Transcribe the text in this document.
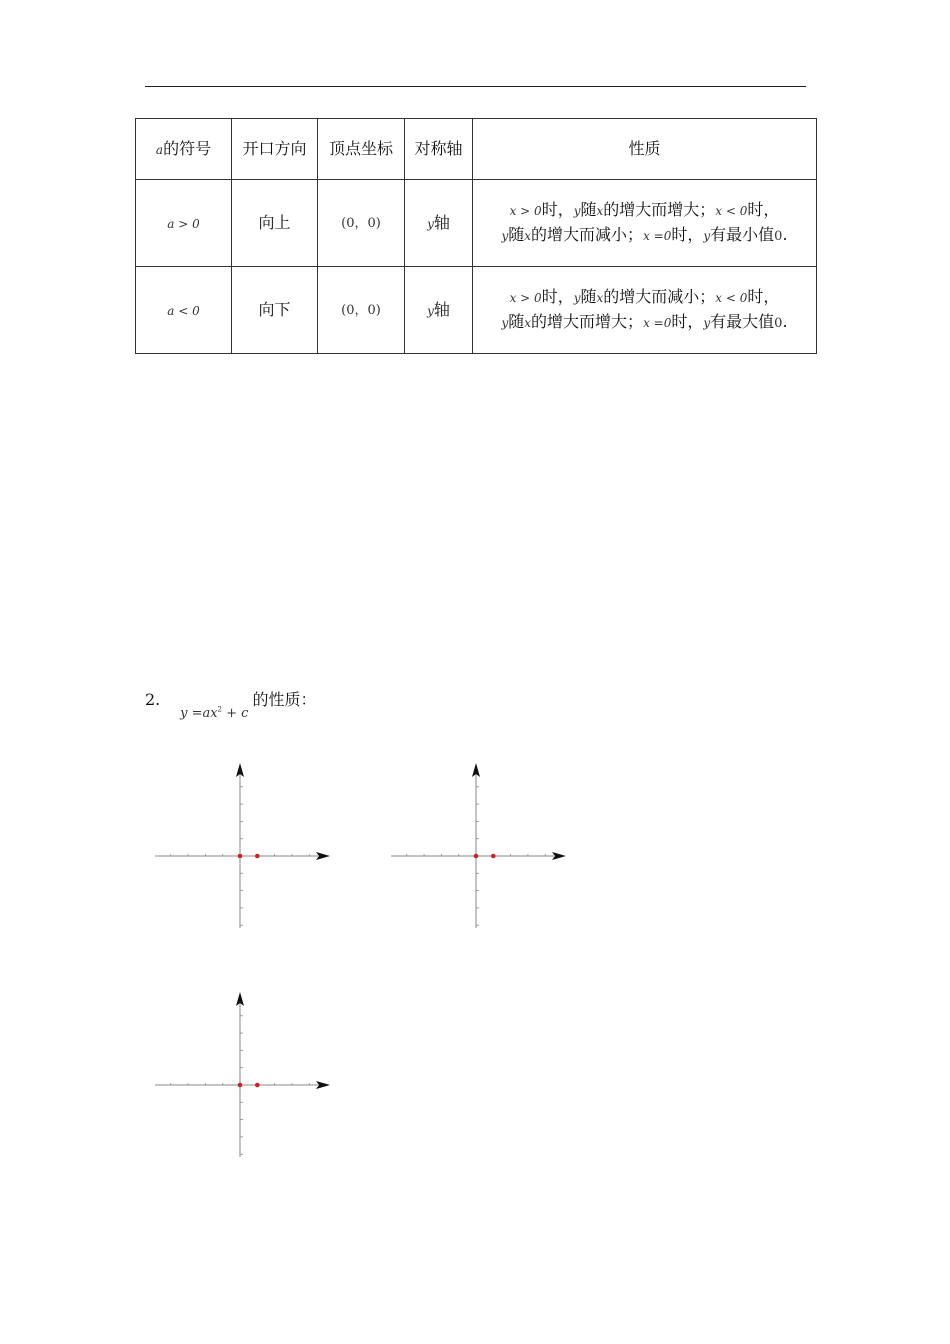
a的符号	开口方向	顶点坐标	对称轴	性质
a > 0	向上	(0，0)	y轴	x > 0时，y随x的增大而增大；x < 0时，
y随x的增大而减小；x =0时，y有最小值0.
a < 0	向下	(0，0)	y轴	x > 0时，y随x的增大而减小；x < 0时，
y随x的增大而增大；x =0时，y有最大值0.
2. $_{y =ax^2 + c}$的性质：
